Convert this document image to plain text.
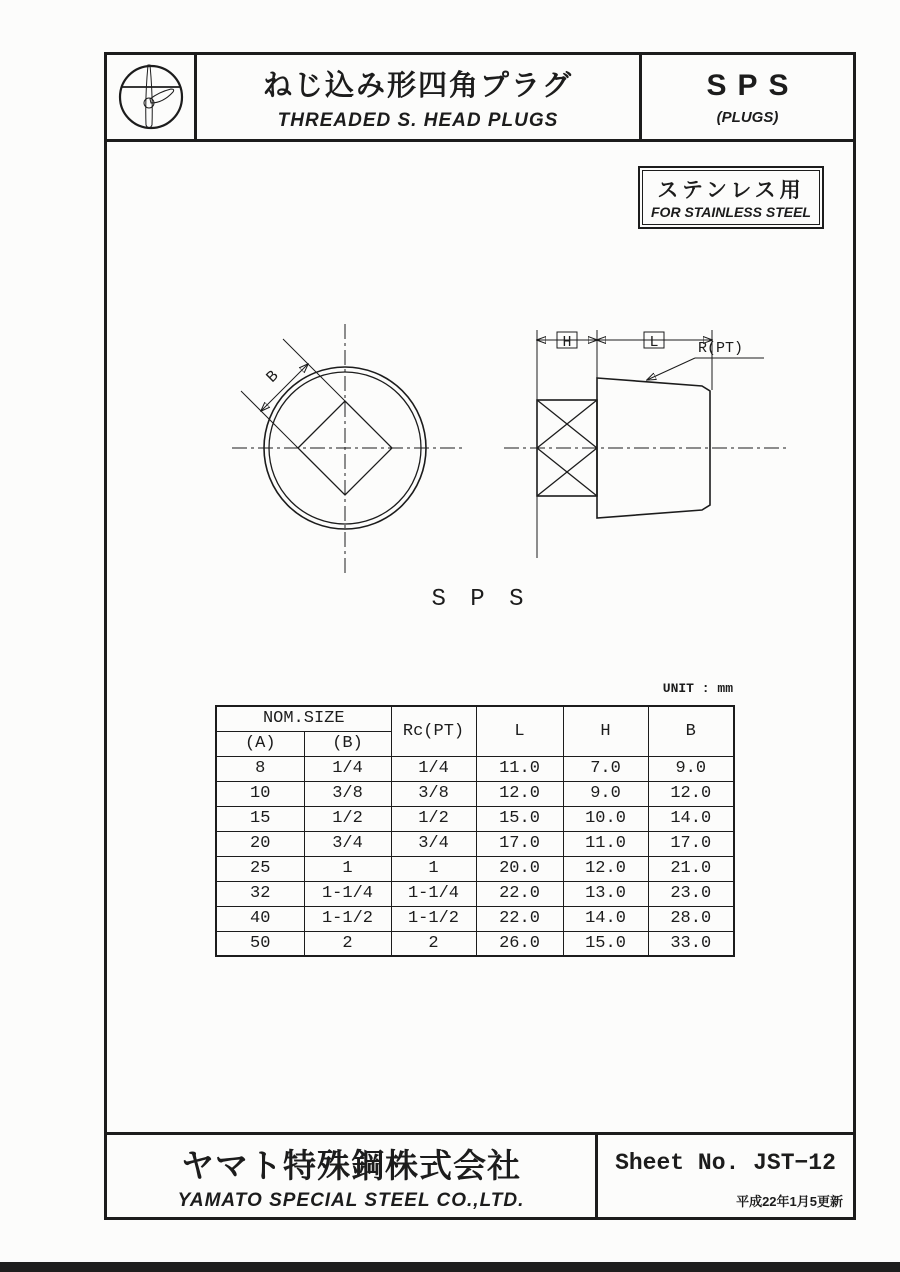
ねじ込み形四角プラグ
THREADED S. HEAD PLUGS
SPS
(PLUGS)
ヤマト特殊鋼株式会社
YAMATO SPECIAL STEEL CO.,LTD.
Sheet No. JST−12
平成22年1月5更新
ステンレス用
FOR STAINLESS STEEL
B
H	L	R(PT)
S P S
UNIT : mm
NOM.SIZE		Rc(PT)	L	H	B
(A)	(B)				
8	1/4	1/4	11.0	7.0	9.0
10	3/8	3/8	12.0	9.0	12.0
15	1/2	1/2	15.0	10.0	14.0
20	3/4	3/4	17.0	11.0	17.0
25	1	1	20.0	12.0	21.0
32	1-1/4	1-1/4	22.0	13.0	23.0
40	1-1/2	1-1/2	22.0	14.0	28.0
50	2	2	26.0	15.0	33.0
